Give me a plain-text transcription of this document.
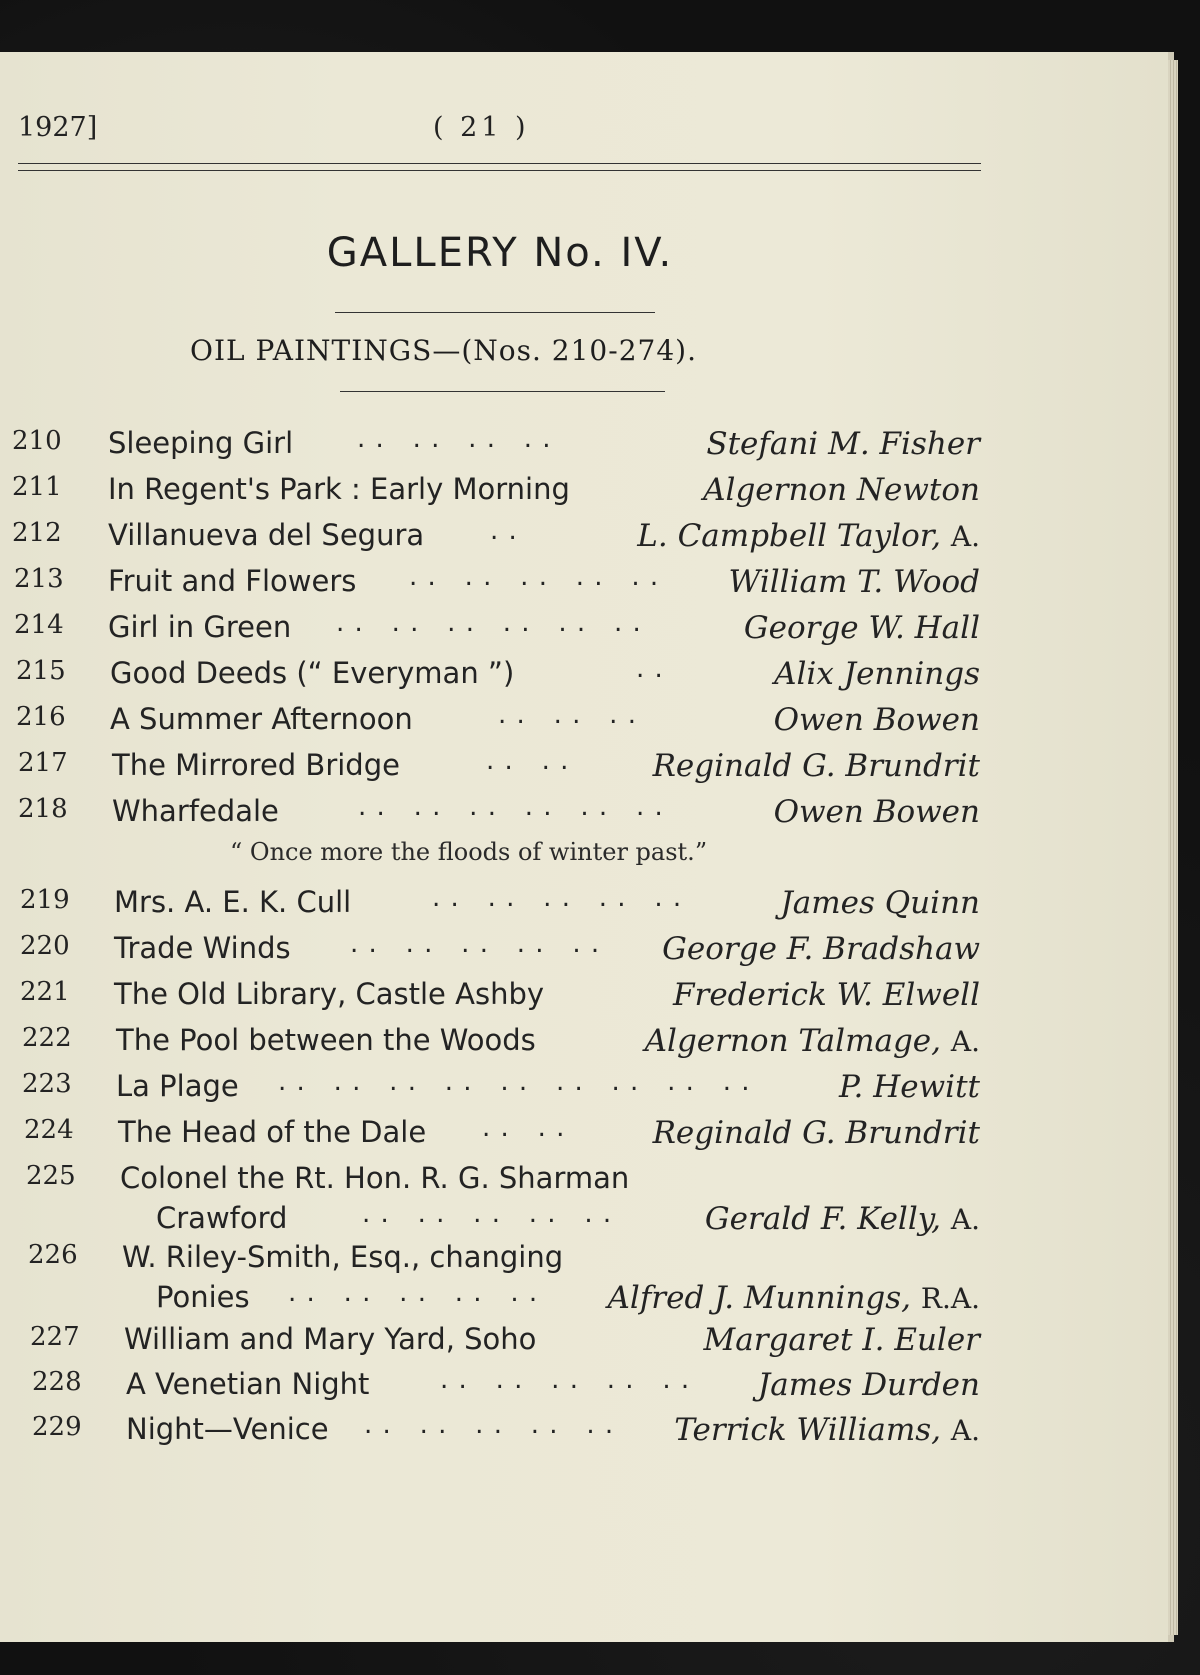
1927]	( 21 )
GALLERY No. IV.
OIL PAINTINGS—(Nos. 210-274).
210 Sleeping Girl . .   . .   . .   . .	Stefani M. Fisher
211 In Regent's Park : Early Morning	Algernon Newton
212 Villanueva del Segura	. .	L. Campbell Taylor, A.
213 Fruit and Flowers . .   . .   . .   . .   . . William T. Wood
214 Girl in Green . .   . .   . .   . .   . .   . .	George W. Hall
215 Good Deeds (“ Everyman ”)	. .	Alix Jennings
216 A Summer Afternoon	. .   . .   . .	Owen Bowen
217 The Mirrored Bridge	. .   . .	Reginald G. Brundrit
218 Wharfedale	. .   . .   . .   . .   . .   . .	Owen Bowen
“ Once more the floods of winter past.”
219 Mrs. A. E. K. Cull	. .   . .   . .   . .   . .	James Quinn
220 Trade Winds . .   . .   . .   . .   . . George F. Bradshaw
221 The Old Library, Castle Ashby	Frederick W. Elwell
222 The Pool between the Woods	Algernon Talmage, A.
223 La Plage . .   . .   . .   . .   . .   . .   . .   . .   . .	P. Hewitt
224 The Head of the Dale . .   . .	Reginald G. Brundrit
225 Colonel the Rt. Hon. R. G. Sharman
Crawford	. .   . .   . .   . .   . .	Gerald F. Kelly, A.
226 W. Riley-Smith, Esq., changing
Ponies . .   . .   . .   . .   . . Alfred J. Munnings, R.A.
227 William and Mary Yard, Soho	Margaret I. Euler
228 A Venetian Night	. .   . .   . .   . .   . . James Durden
229 Night—Venice . .   . .   . .   . .   . . Terrick Williams, A.
